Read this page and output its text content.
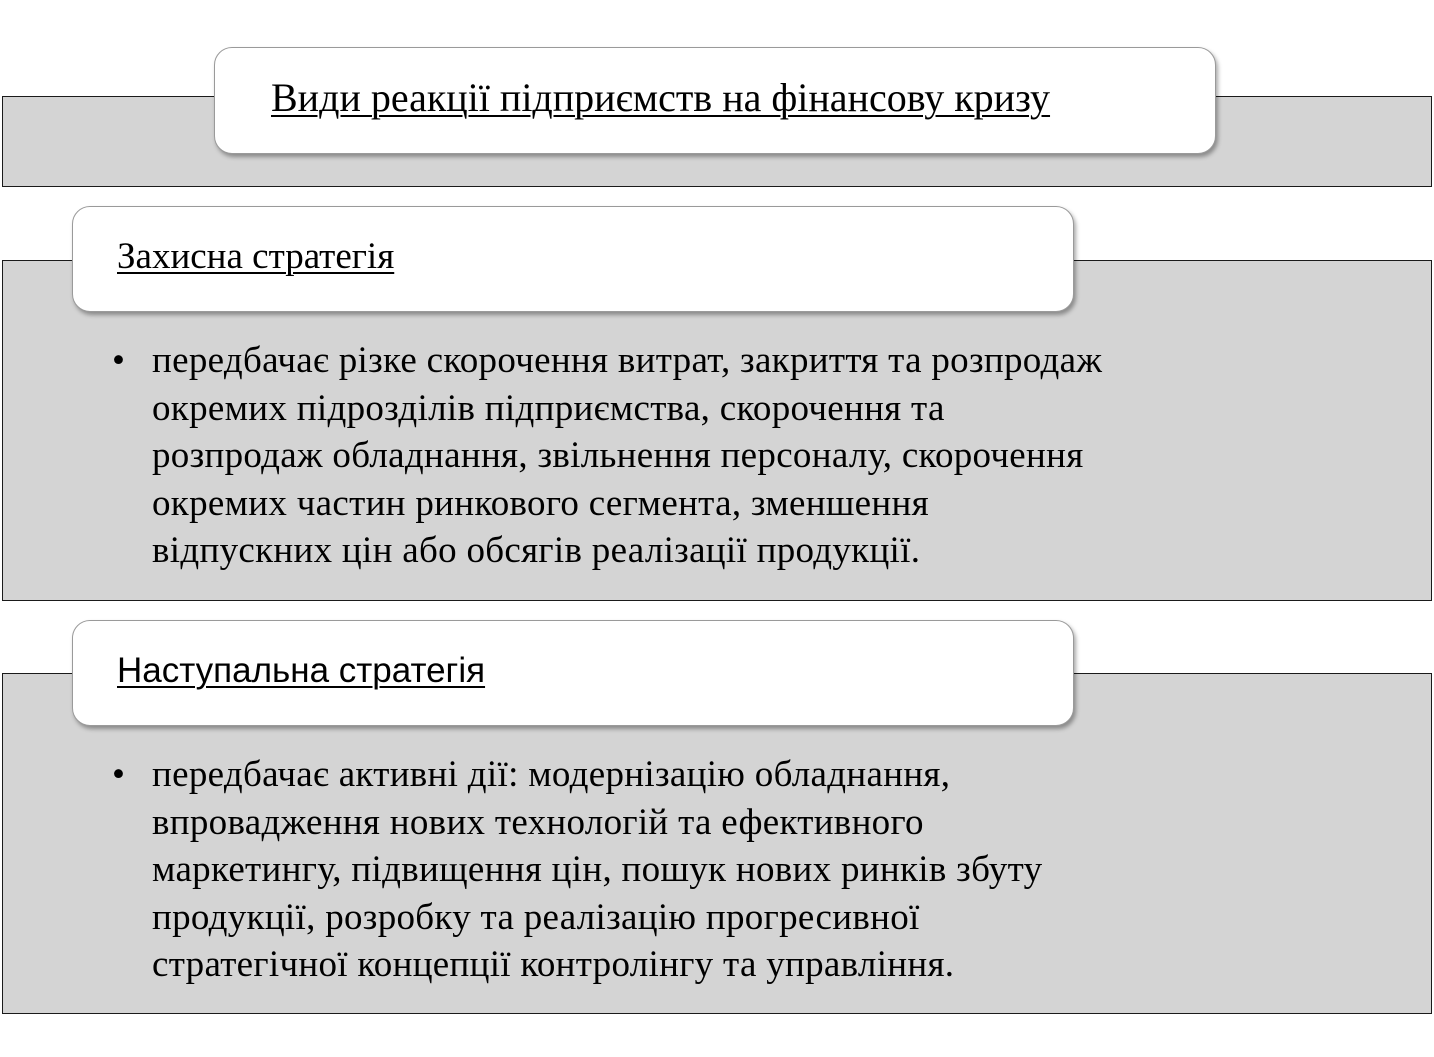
Види реакції підприємств на фінансову кризу
Захисна стратегія
• передбачає різке скорочення витрат, закриття та розпродаж
окремих підрозділів підприємства, скорочення та
розпродаж обладнання, звільнення персоналу, скорочення
окремих частин ринкового сегмента, зменшення
відпускних цін або обсягів реалізації продукції.
Наступальна стратегія
• передбачає активні дії: модернізацію обладнання,
впровадження нових технологій та ефективного
маркетингу, підвищення цін, пошук нових ринків збуту
продукції, розробку та реалізацію прогресивної
стратегічної концепції контролінгу та управління.
